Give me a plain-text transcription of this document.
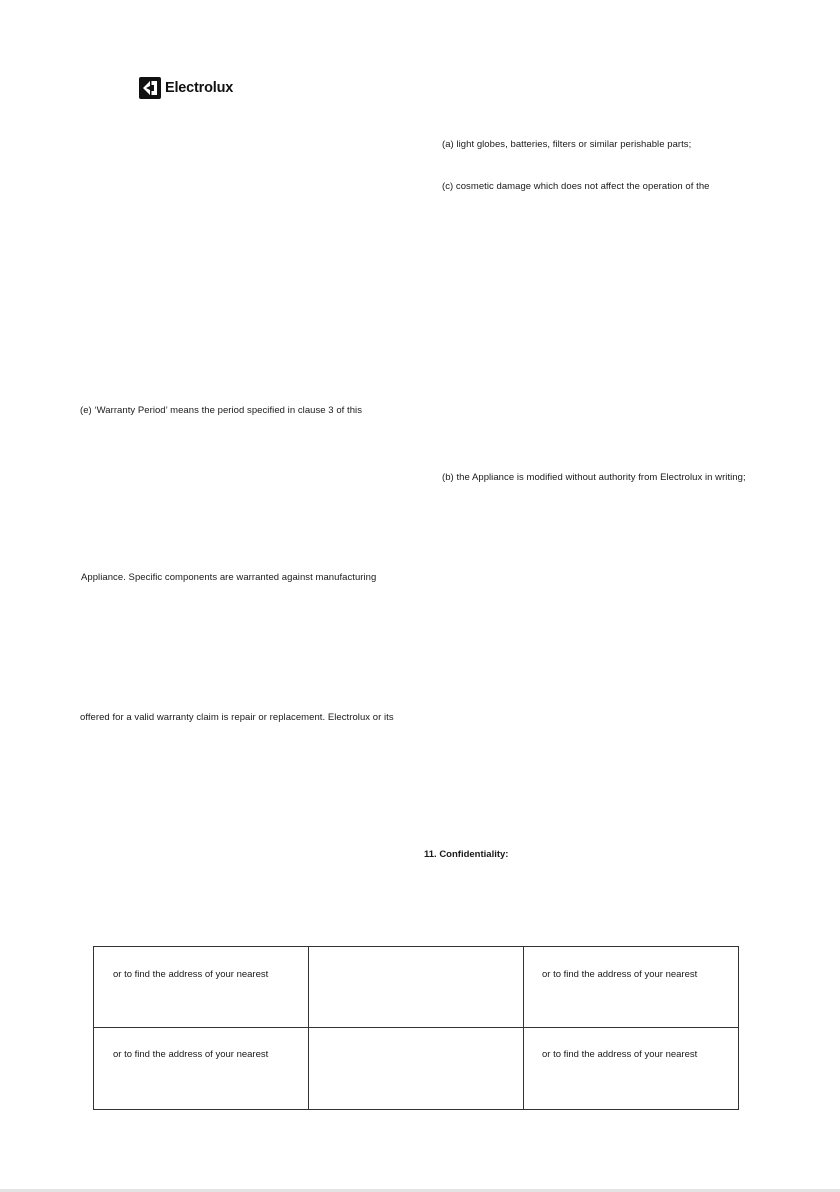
Electrolux
(e) ‘Warranty Period’ means the period specified in clause 3 of this
Appliance. Specific components are warranted against manufacturing
offered for a valid warranty claim is repair or replacement. Electrolux or its
(a) light globes, batteries, filters or similar perishable parts;
(c) cosmetic damage which does not affect the operation of the
(b) the Appliance is modified without authority from Electrolux in writing;
11. Confidentiality:
or to find the address of your nearest	or to find the address of your nearest
or to find the address of your nearest	or to find the address of your nearest
